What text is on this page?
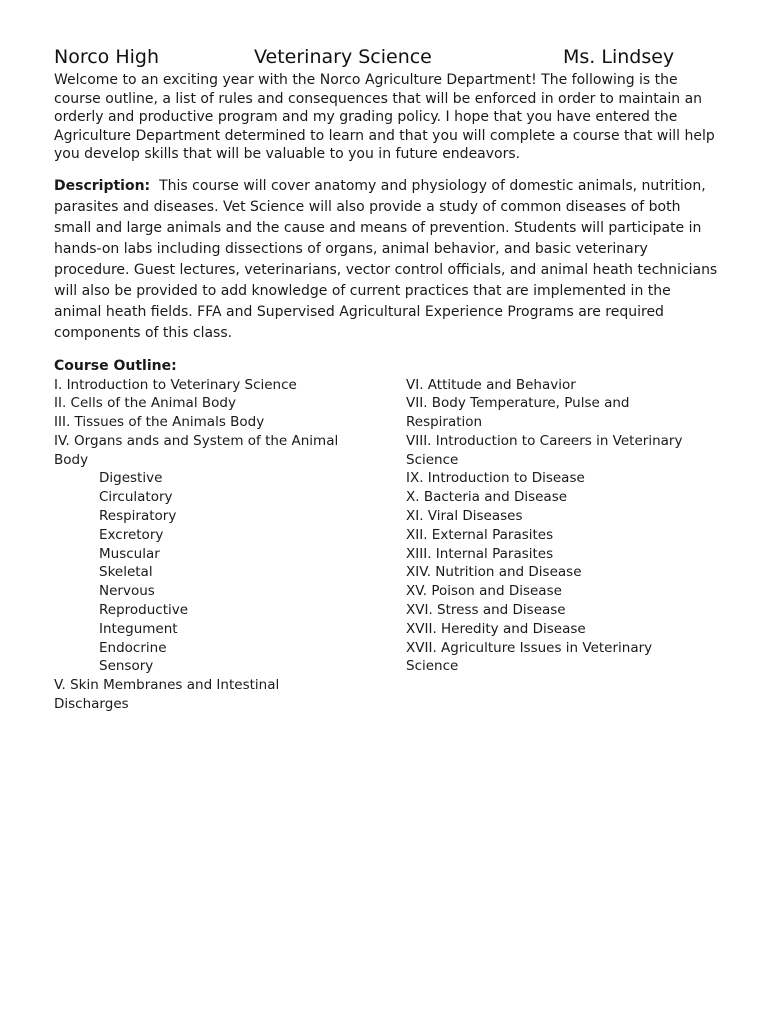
Norco High	Veterinary Science	Ms. Lindsey

Welcome to an exciting year with the Norco Agriculture Department! The following is the course outline, a list of rules and consequences that will be enforced in order to maintain an orderly and productive program and my grading policy. I hope that you have entered the Agriculture Department determined to learn and that you will complete a course that will help you develop skills that will be valuable to you in future endeavors.

Description: This course will cover anatomy and physiology of domestic animals, nutrition, parasites and diseases. Vet Science will also provide a study of common diseases of both small and large animals and the cause and means of prevention. Students will participate in hands-on labs including dissections of organs, animal behavior, and basic veterinary procedure. Guest lectures, veterinarians, vector control officials, and animal heath technicians will also be provided to add knowledge of current practices that are implemented in the animal heath fields. FFA and Supervised Agricultural Experience Programs are required components of this class.

Course Outline:
I. Introduction to Veterinary Science
II. Cells of the Animal Body
III. Tissues of the Animals Body
IV. Organs ands and System of the Animal Body
Digestive
Circulatory
Respiratory
Excretory
Muscular
Skeletal
Nervous
Reproductive
Integument
Endocrine
Sensory
V. Skin Membranes and Intestinal Discharges
VI. Attitude and Behavior
VII. Body Temperature, Pulse and Respiration
VIII. Introduction to Careers in Veterinary Science
IX. Introduction to Disease
X. Bacteria and Disease
XI. Viral Diseases
XII. External Parasites
XIII. Internal Parasites
XIV. Nutrition and Disease
XV. Poison and Disease
XVI. Stress and Disease
XVII. Heredity and Disease
XVII. Agriculture Issues in Veterinary Science
